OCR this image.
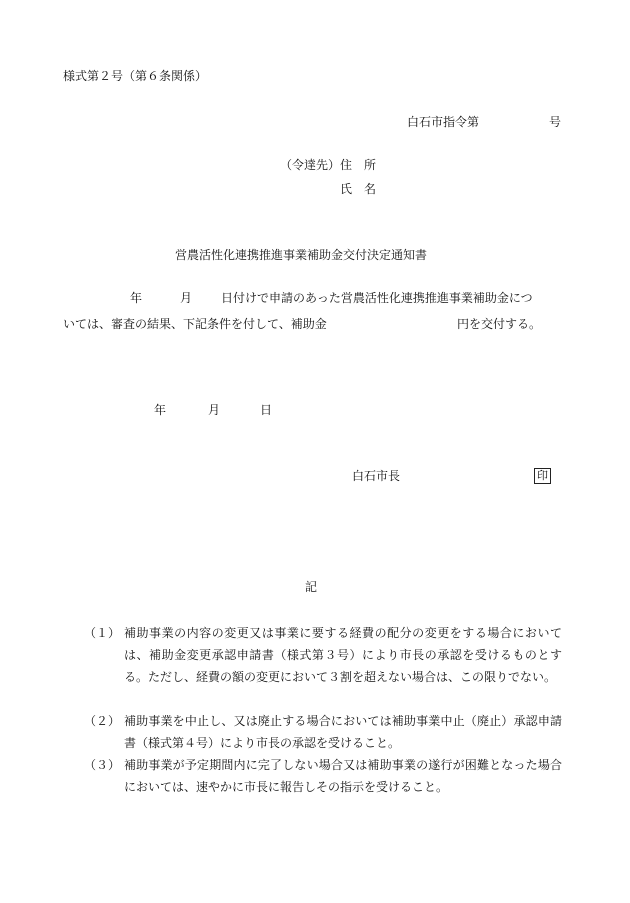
様式第２号（第６条関係）
白石市指令第	号
（令達先） 住　所
氏　名
営農活性化連携推進事業補助金交付決定通知書
年	月 日付けで申請のあった営農活性化連携推進事業補助金につ
いては、審査の結果、下記条件を付して、補助金	円を交付する。
年	月	日
白石市長	印
記
（１） 補助事業の内容の変更又は事業に要する経費の配分の変更をする場合においては、補助金変更承認申請書（様式第３号）により市長の承認を受けるものとする。ただし、経費の額の変更において３割を超えない場合は、この限りでない。
（２） 補助事業を中止し、又は廃止する場合においては補助事業中止（廃止）承認申請書（様式第４号）により市長の承認を受けること。
（３） 補助事業が予定期間内に完了しない場合又は補助事業の遂行が困難となった場合においては、速やかに市長に報告しその指示を受けること。
